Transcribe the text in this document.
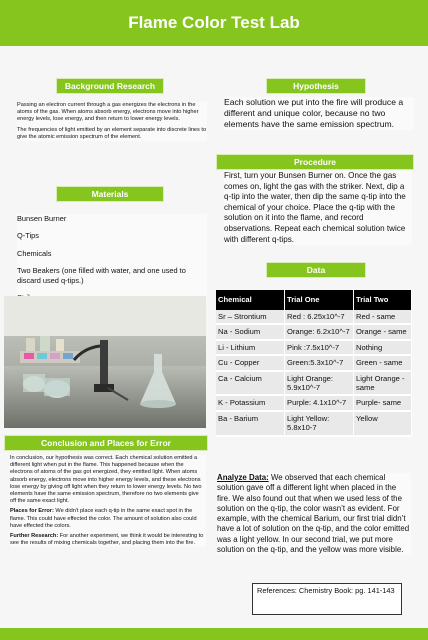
Flame Color Test Lab
Background Research

Passing an electron current through a gas energizes the electrons in the atoms of the gas. When atoms absorb energy, electrons move into higher energy levels, lose energy, and then return to lower energy levels.

The frequencies of light emitted by an element separate into discrete lines to give the atomic emission spectrum of the element.

Materials
Bunsen Burner
Q-Tips
Chemicals
Two Beakers (one filled with water, and one used to discard used q-tips.)
Conclusion and Places for Error

In conclusion, our hypothesis was correct. Each chemical solution emitted a different light when put in the flame. This happened because when the electrons of atoms of the gas got energized, they emitted light. When atoms absorb energy, electrons move into higher energy levels, and these electrons lose energy by giving off light when they return to lower energy levels. No two elements have the same emission spectrum, therefore no two elements give off the same exact light.

Places for Error: We didn't place each q-tip in the same exact spot in the flame. This could have effected the color. The amount of solution also could have effected the colors.

Further Research: For another experiment, we think it would be interesting to see the results of mixing chemicals together, and placing them into the fire.

Hypothesis
Each solution we put into the fire will produce a different and unique color, because no two elements have the same emission spectrum.
Procedure
First, turn your Bunsen Burner on. Once the gas comes on, light the gas with the striker. Next, dip a q-tip into the water, then dip the same q-tip into the chemical of your choice. Place the q-tip with the solution on it into the flame, and record observations. Repeat each chemical solution twice with different q-tips.
Data
Chemical	Trial One	Trial Two
Sr – Strontium	Red : 6.25x10^-7	Red - same
Na - Sodium	Orange: 6.2x10^-7	Orange - same
Li - Lithium	Pink :7.5x10^-7	Nothing
Cu - Copper	Green:5.3x10^-7	Green - same
Ca - Calcium	Light Orange: 5.9x10^-7	Light Orange - same
K - Potassium	Purple: 4.1x10^-7	Purple- same
Ba - Barium	Light Yellow: 5.8x10-7	Yellow
Analyze Data: We observed that each chemical solution gave off a different light when placed in the fire. We also found out that when we used less of the solution on the q-tip, the color wasn’t as evident. For example, with the chemical Barium, our first trial didn’t have a lot of solution on the q-tip, and the color emitted was a light yellow. In our second trial, we put more solution on the q-tip, and the yellow was more visible.
References: Chemistry Book: pg. 141-143
